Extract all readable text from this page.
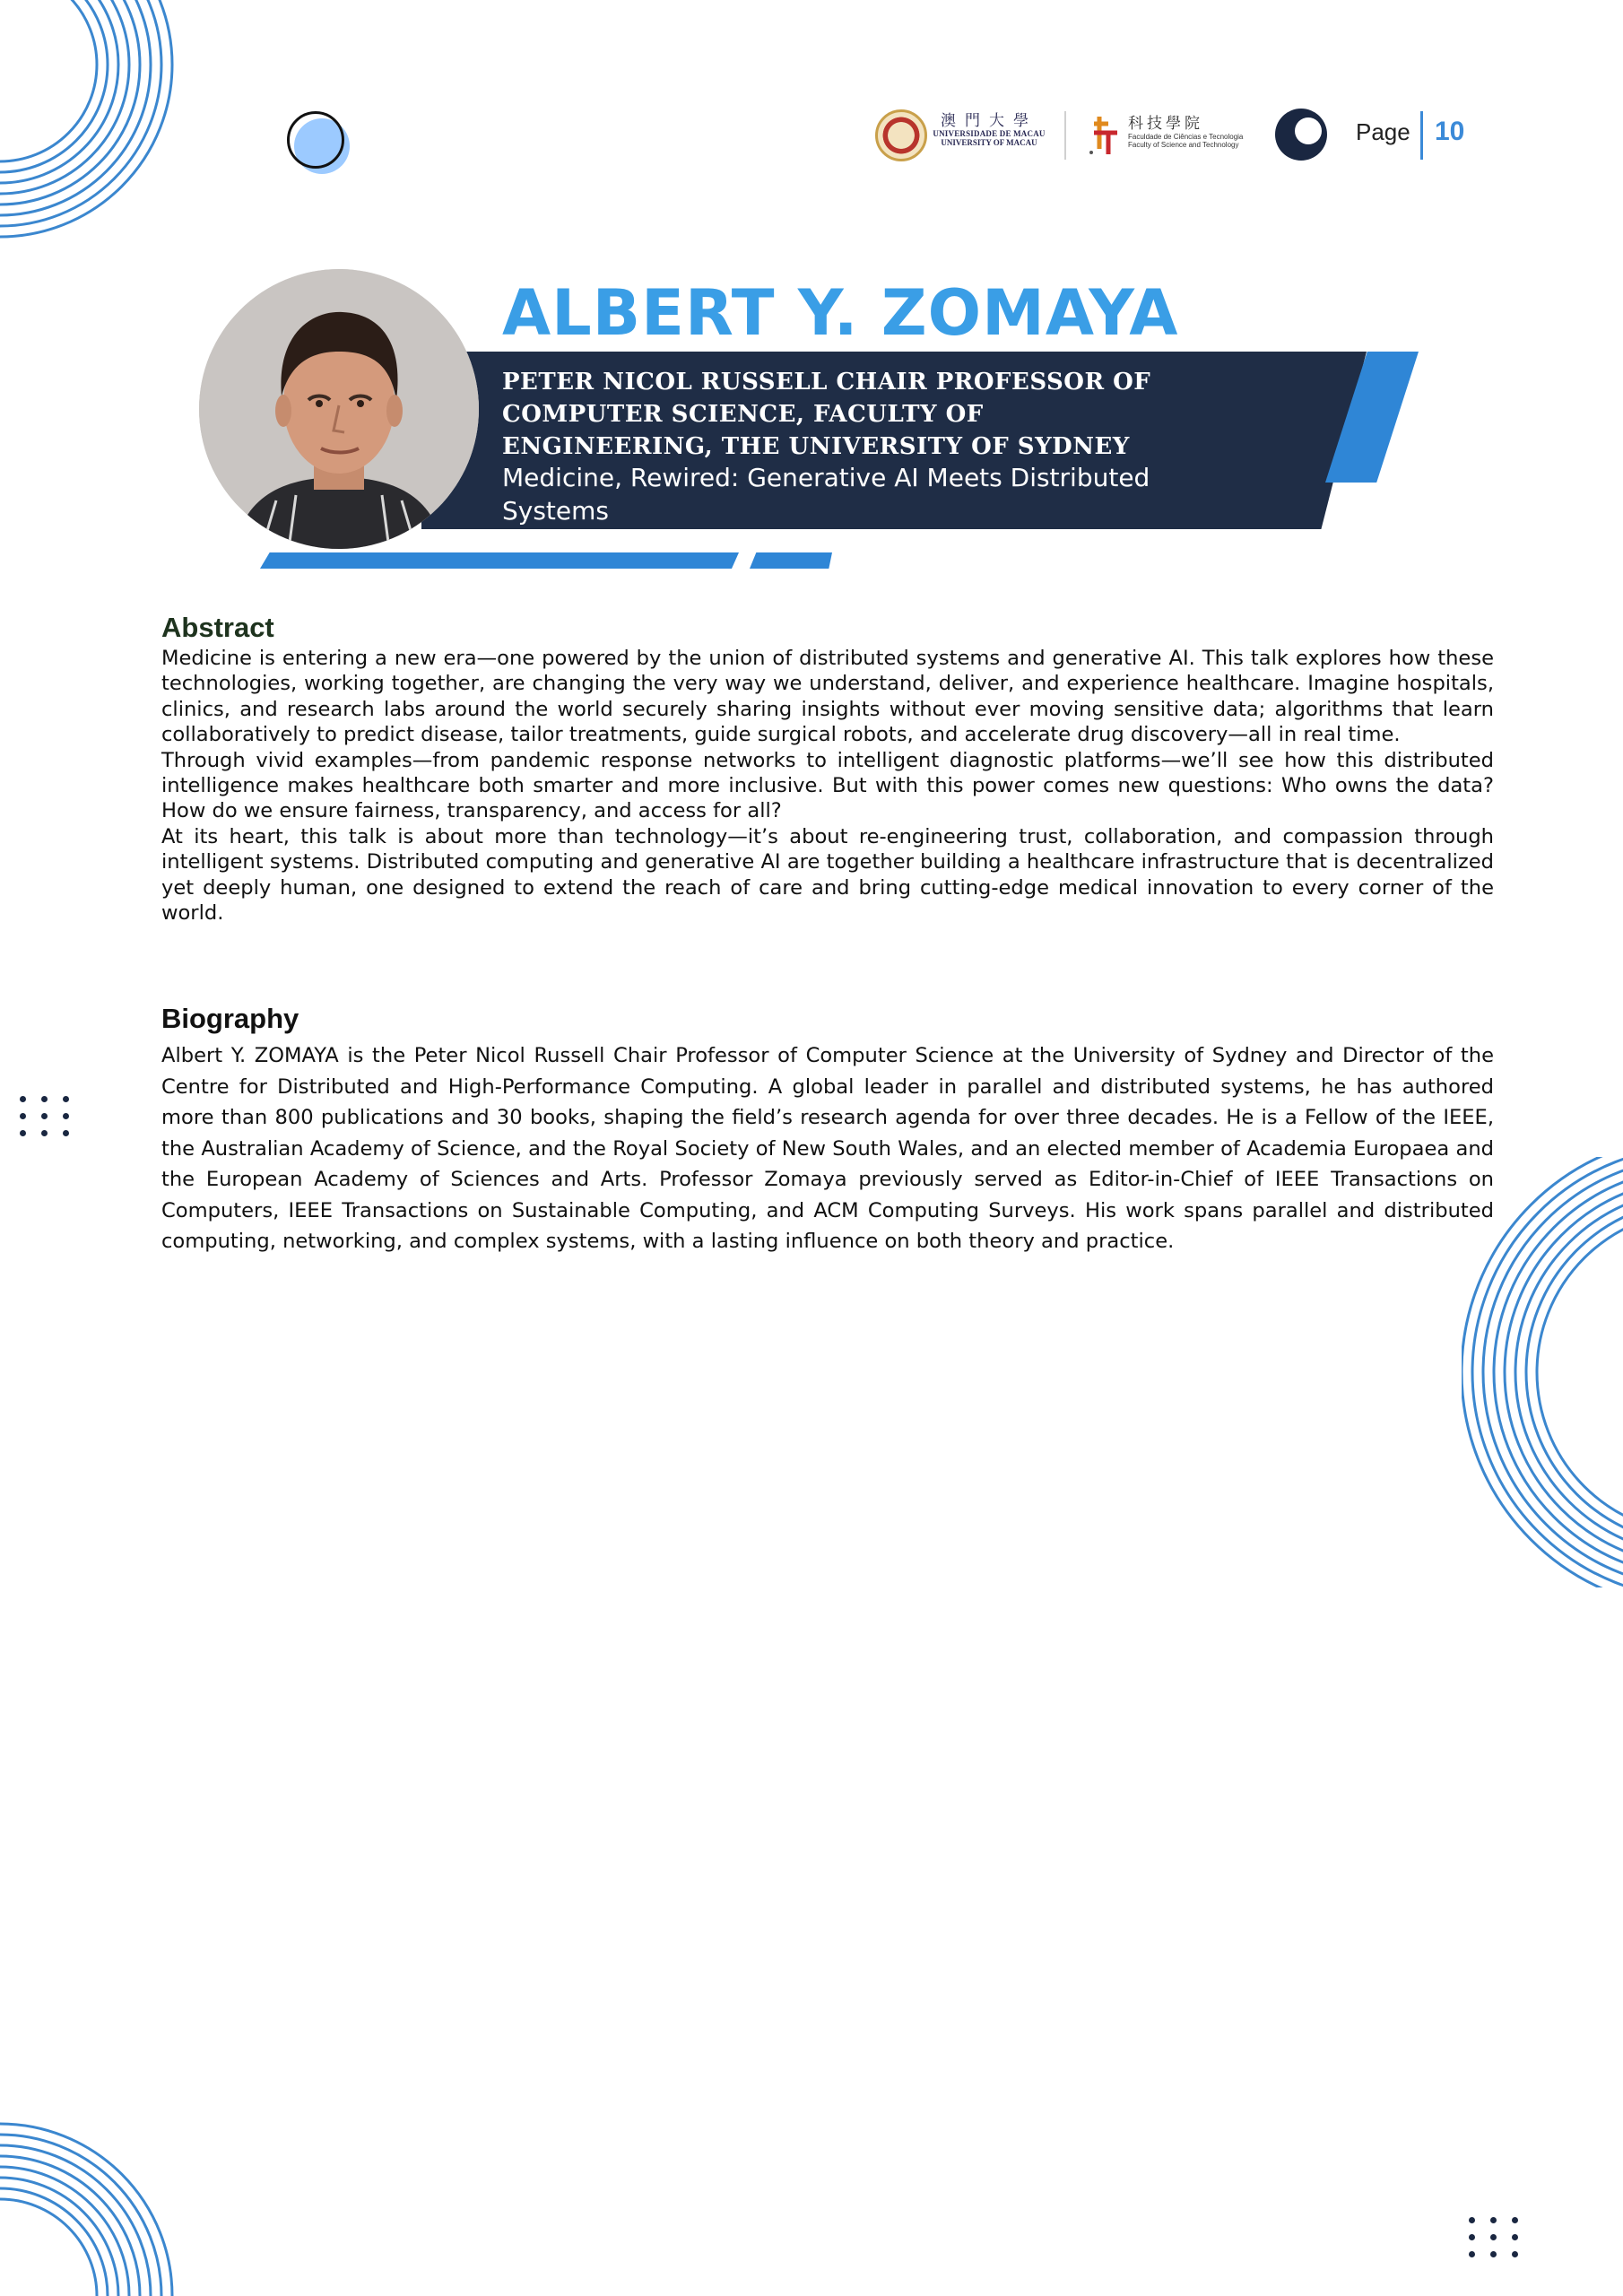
澳門大學
UNIVERSIDADE DE MACAU
UNIVERSITY OF MACAU
科技學院
Faculdade de Ciências e Tecnologia
Faculty of Science and Technology	Page 10
ALBERT Y. ZOMAYA
PETER NICOL RUSSELL CHAIR PROFESSOR OF COMPUTER SCIENCE, FACULTY OF ENGINEERING, THE UNIVERSITY OF SYDNEY
Medicine, Rewired: Generative AI Meets Distributed Systems
Abstract

Medicine is entering a new era—one powered by the union of distributed systems and generative AI. This talk explores how these technologies, working together, are changing the very way we understand, deliver, and experience healthcare. Imagine hospitals, clinics, and research labs around the world securely sharing insights without ever moving sensitive data; algorithms that learn collaboratively to predict disease, tailor treatments, guide surgical robots, and accelerate drug discovery—all in real time.

Through vivid examples—from pandemic response networks to intelligent diagnostic platforms—we’ll see how this distributed intelligence makes healthcare both smarter and more inclusive. But with this power comes new questions: Who owns the data? How do we ensure fairness, transparency, and access for all?

At its heart, this talk is about more than technology—it’s about re-engineering trust, collaboration, and compassion through intelligent systems. Distributed computing and generative AI are together building a healthcare infrastructure that is decentralized yet deeply human, one designed to extend the reach of care and bring cutting-edge medical innovation to every corner of the world.

Biography
Albert Y. ZOMAYA is the Peter Nicol Russell Chair Professor of Computer Science at the University of Sydney and Director of the Centre for Distributed and High-Performance Computing. A global leader in parallel and distributed systems, he has authored more than 800 publications and 30 books, shaping the field’s research agenda for over three decades. He is a Fellow of the IEEE, the Australian Academy of Science, and the Royal Society of New South Wales, and an elected member of Academia Europaea and the European Academy of Sciences and Arts. Professor Zomaya previously served as Editor-in-Chief of IEEE Transactions on Computers, IEEE Transactions on Sustainable Computing, and ACM Computing Surveys. His work spans parallel and distributed computing, networking, and complex systems, with a lasting influence on both theory and practice.
